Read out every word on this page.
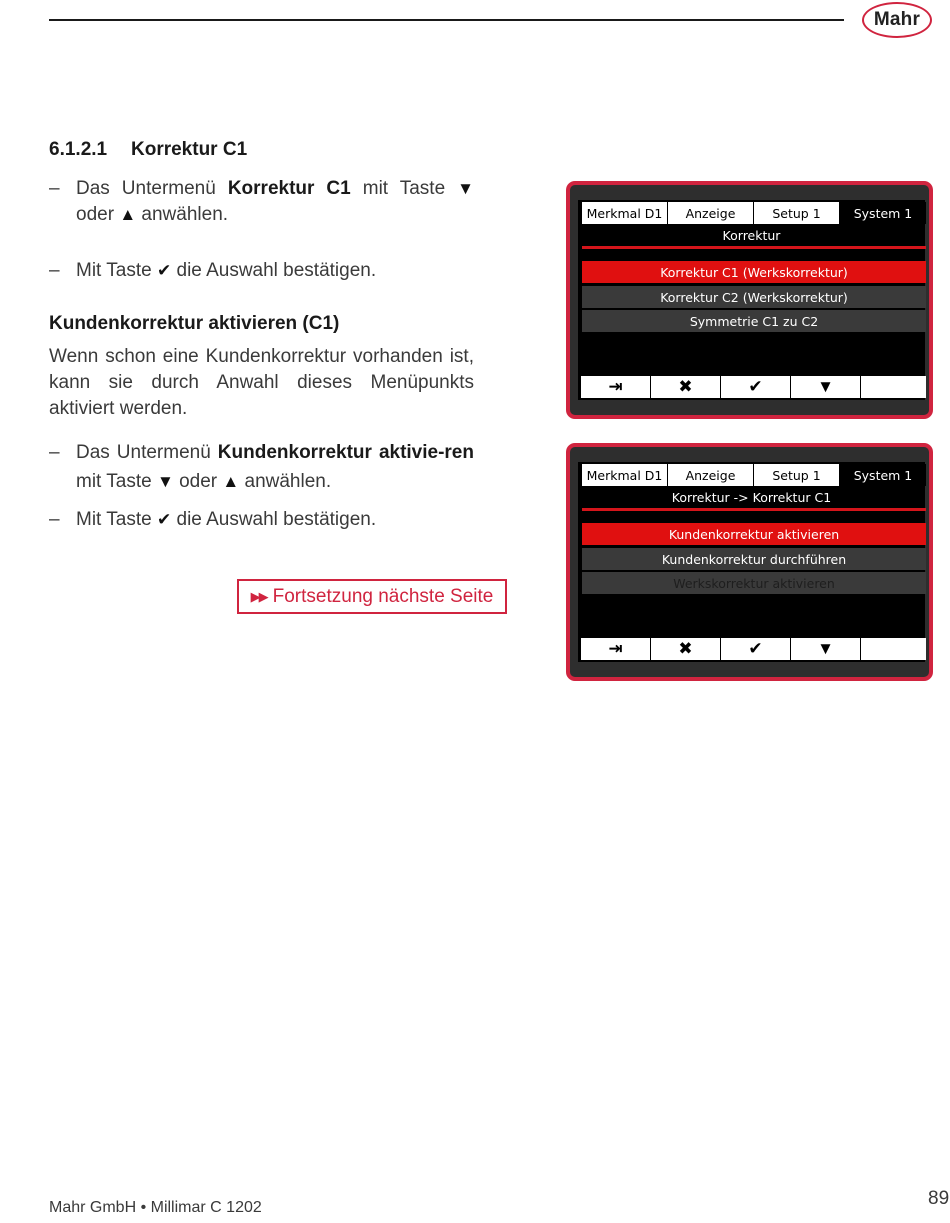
Mahr
6.1.2.1 Korrektur C1
– Das Untermenü Korrektur C1 mit Taste ▼ oder ▲ anwählen.
– Mit Taste ✔ die Auswahl bestätigen.
Kundenkorrektur aktivieren (C1)
Wenn schon eine Kundenkorrektur vorhanden ist, kann sie durch Anwahl dieses Menüpunkts aktiviert werden.
– Das Untermenü Kundenkorrektur aktivie-ren mit Taste ▼ oder ▲ anwählen.
– Mit Taste ✔ die Auswahl bestätigen.
▶▶ Fortsetzung nächste Seite
Merkmal D1	Anzeige	Setup 1	System 1
Korrektur
Korrektur C1 (Werkskorrektur)
Korrektur C2 (Werkskorrektur)
Symmetrie C1 zu C2
⇥	✖	✔	▼
Merkmal D1	Anzeige	Setup 1	System 1
Korrektur -> Korrektur C1
Kundenkorrektur aktivieren
Kundenkorrektur durchführen
Werkskorrektur aktivieren
⇥	✖	✔	▼
Mahr GmbH • Millimar C 1202	89
